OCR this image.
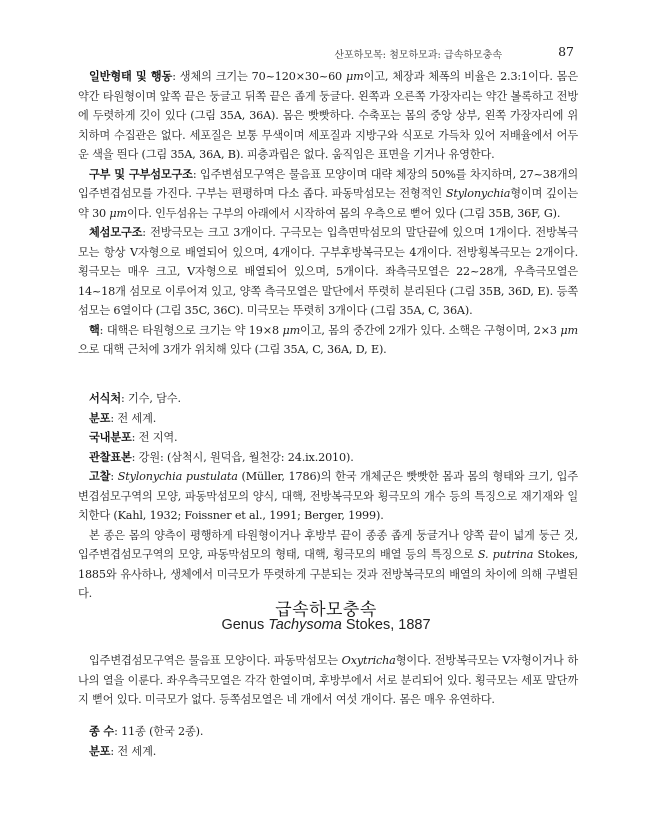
산포하모목: 첨모하모과: 급속하모충속	87

일반형태 및 행동: 생체의 크기는 70~120×30~60 μm이고, 체장과 체폭의 비율은 2.3:1이다. 몸은 약간 타원형이며 앞쪽 끝은 둥글고 뒤쪽 끝은 좁게 둥글다. 왼쪽과 오른쪽 가장자리는 약간 볼록하고 전방에 두렷하게 깃이 있다 (그림 35A, 36A). 몸은 빳빳하다. 수축포는 몸의 중앙 상부, 왼쪽 가장자리에 위치하며 수집관은 없다. 세포질은 보통 무색이며 세포질과 지방구와 식포로 가득차 있어 저배율에서 어두운 색을 띈다 (그림 35A, 36A, B). 피층과립은 없다. 움직임은 표면을 기거나 유영한다.

구부 및 구부섬모구조: 입주변섬모구역은 물음표 모양이며 대략 체장의 50%를 차지하며, 27~38개의 입주변겹섬모를 가진다. 구부는 편평하며 다소 좁다. 파동막섬모는 전형적인 Stylonychia형이며 깊이는 약 30 μm이다. 인두섬유는 구부의 아래에서 시작하여 몸의 우측으로 뻗어 있다 (그림 35B, 36F, G).

체섬모구조: 전방극모는 크고 3개이다. 구극모는 입측면막섬모의 말단끝에 있으며 1개이다. 전방복극모는 항상 V자형으로 배열되어 있으며, 4개이다. 구부후방복극모는 4개이다. 전방횡복극모는 2개이다. 횡극모는 매우 크고, V자형으로 배열되어 있으며, 5개이다. 좌측극모열은 22~28개, 우측극모열은 14~18개 섬모로 이루어져 있고, 양쪽 측극모열은 말단에서 뚜렷히 분리된다 (그림 35B, 36D, E). 등쪽섬모는 6열이다 (그림 35C, 36C). 미극모는 뚜렷히 3개이다 (그림 35A, C, 36A).

핵: 대핵은 타원형으로 크기는 약 19×8 μm이고, 몸의 중간에 2개가 있다. 소핵은 구형이며, 2×3 μm으로 대핵 근처에 3개가 위치해 있다 (그림 35A, C, 36A, D, E).

서식처: 기수, 담수.

분포: 전 세계.

국내분포: 전 지역.

관찰표본: 강원: (삼척시, 원덕읍, 월천강: 24.ix.2010).

고찰: Stylonychia pustulata (Müller, 1786)의 한국 개체군은 빳빳한 몸과 몸의 형태와 크기, 입주변겹섬모구역의 모양, 파동막섬모의 양식, 대핵, 전방복극모와 횡극모의 개수 등의 특징으로 재기재와 일치한다 (Kahl, 1932; Foissner et al., 1991; Berger, 1999).

본 종은 몸의 양측이 평행하게 타원형이거나 후방부 끝이 종종 좁게 둥글거나 양쪽 끝이 넓게 둥근 것, 입주변겹섬모구역의 모양, 파동막섬모의 형태, 대핵, 횡극모의 배열 등의 특징으로 S. putrina Stokes, 1885와 유사하나, 생체에서 미극모가 뚜렷하게 구분되는 것과 전방복극모의 배열의 차이에 의해 구별된다.

급속하모충속
Genus Tachysoma Stokes, 1887

입주변겹섬모구역은 물음표 모양이다. 파동막섬모는 Oxytricha형이다. 전방복극모는 V자형이거나 하나의 열을 이룬다. 좌우측극모열은 각각 한열이며, 후방부에서 서로 분리되어 있다. 횡극모는 세포 말단까지 뻗어 있다. 미극모가 없다. 등쪽섬모열은 네 개에서 여섯 개이다. 몸은 매우 유연하다.

종 수: 11종 (한국 2종).

분포: 전 세계.
